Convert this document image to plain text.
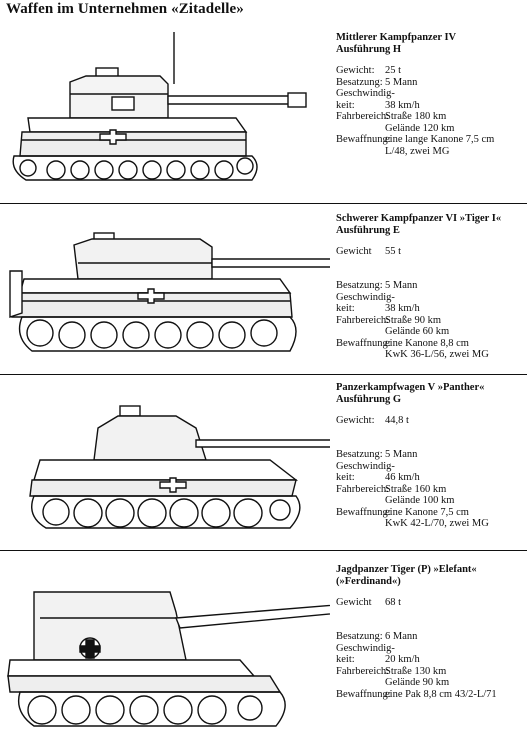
Waffen im Unternehmen «Zitadelle»
Mittlerer Kampfpanzer IV
Ausführung H
Gewicht: 25 t
Besatzung: 5 Mann
Geschwindig-
keit:	
38 km/h
Fahrbereich:
Straße 180 km
Gelände 120 km
Bewaffnung:
eine lange Kanone 7,5 cm
L/48, zwei MG
Schwerer Kampfpanzer VI »Tiger I«
Ausführung E
Gewicht 55 t
Besatzung: 5 Mann
Geschwindig-
keit:	
38 km/h
Fahrbereich:
Straße 90 km
Gelände 60 km
Bewaffnung:
eine Kanone 8,8 cm
KwK 36-L/56, zwei MG
Panzerkampfwagen V »Panther«
Ausführung G
Gewicht: 44,8 t
Besatzung: 5 Mann
Geschwindig-
keit:	
46 km/h
Fahrbereich:
Straße 160 km
Gelände 100 km
Bewaffnung:
eine Kanone 7,5 cm
KwK 42-L/70, zwei MG
Jagdpanzer Tiger (P) »Elefant«
(»Ferdinand«)
Gewicht 68 t
Besatzung: 6 Mann
Geschwindig-
keit:	
20 km/h
Fahrbereich:
Straße 130 km
Gelände 90 km
Bewaffnung:
eine Pak 8,8 cm 43/2-L/71
